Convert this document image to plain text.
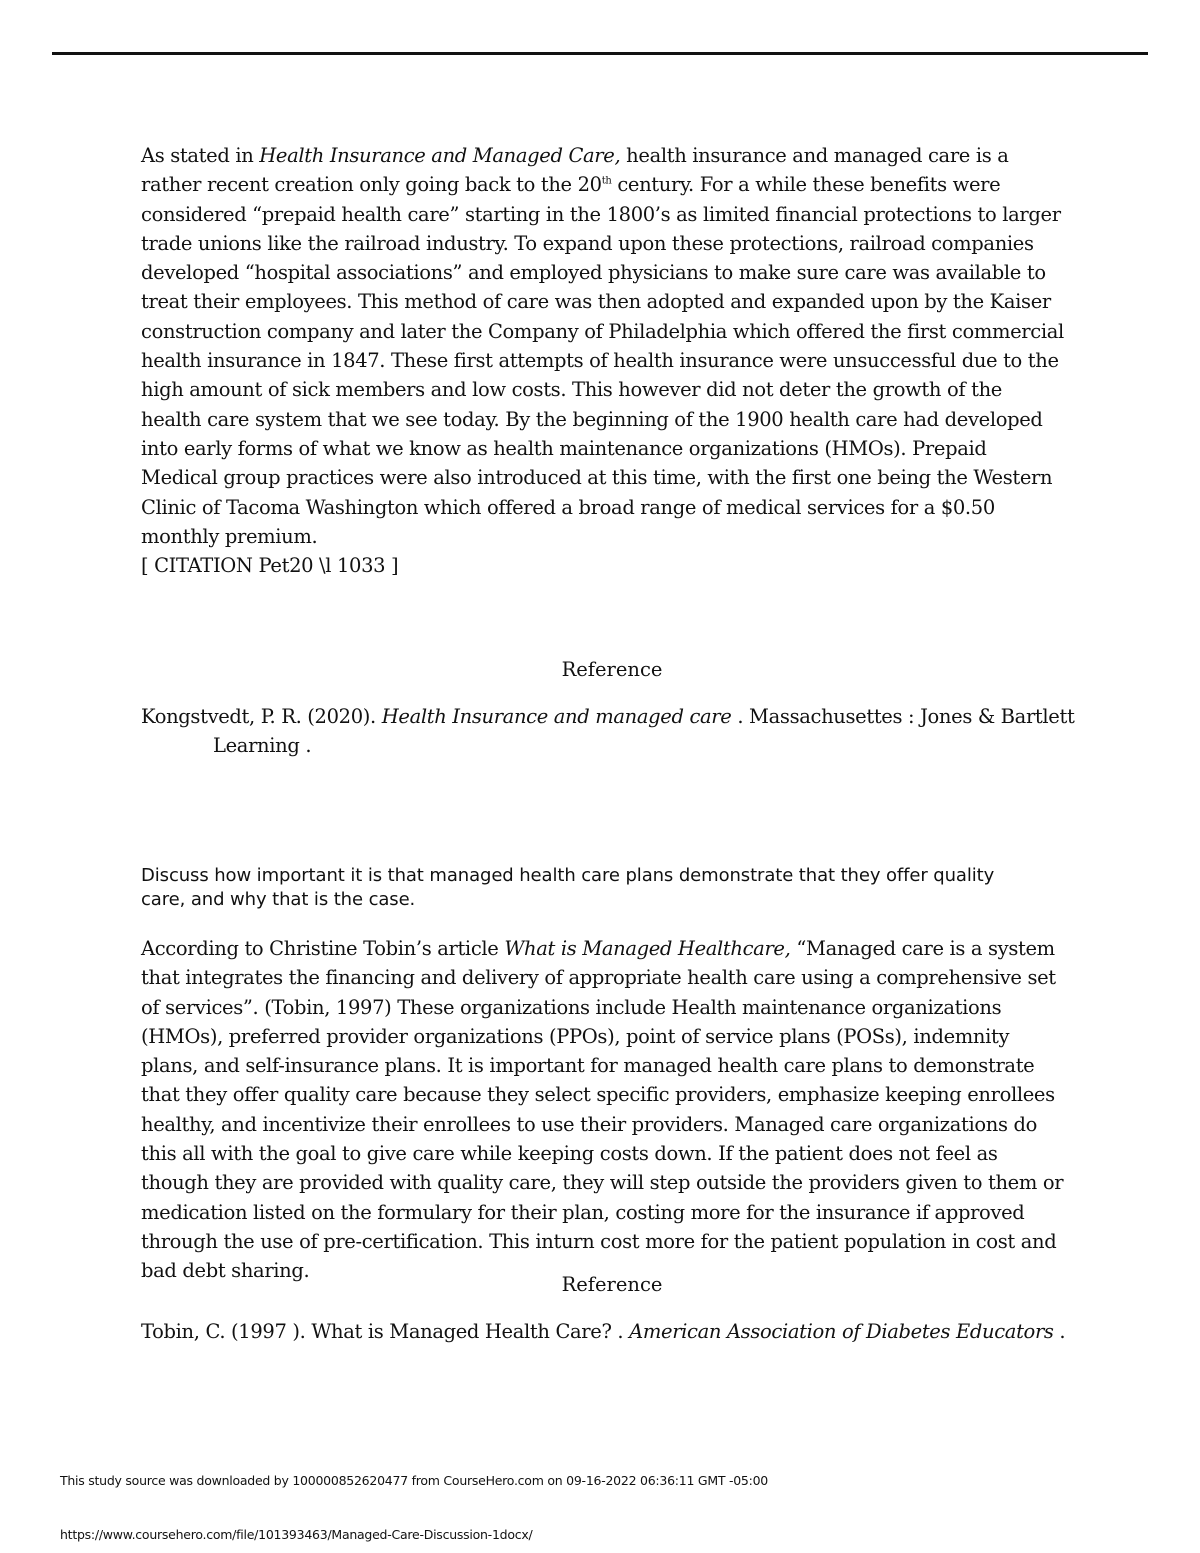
As stated in Health Insurance and Managed Care, health insurance and managed care is a rather recent creation only going back to the 20th century. For a while these benefits were considered “prepaid health care” starting in the 1800’s as limited financial protections to larger trade unions like the railroad industry. To expand upon these protections, railroad companies developed “hospital associations” and employed physicians to make sure care was available to treat their employees. This method of care was then adopted and expanded upon by the Kaiser construction company and later the Company of Philadelphia which offered the first commercial health insurance in 1847. These first attempts of health insurance were unsuccessful due to the high amount of sick members and low costs. This however did not deter the growth of the health care system that we see today. By the beginning of the 1900 health care had developed into early forms of what we know as health maintenance organizations (HMOs). Prepaid Medical group practices were also introduced at this time, with the first one being the Western Clinic of Tacoma Washington which offered a broad range of medical services for a $0.50 monthly premium.

[ CITATION Pet20 \l 1033 ]

Reference
Kongstvedt, P. R. (2020). Health Insurance and managed care . Massachusettes : Jones & Bartlett Learning .
Discuss how important it is that managed health care plans demonstrate that they offer quality care, and why that is the case.

According to Christine Tobin’s article What is Managed Healthcare, “Managed care is a system that integrates the financing and delivery of appropriate health care using a comprehensive set of services”. (Tobin, 1997) These organizations include Health maintenance organizations (HMOs), preferred provider organizations (PPOs), point of service plans (POSs), indemnity plans, and self-insurance plans. It is important for managed health care plans to demonstrate that they offer quality care because they select specific providers, emphasize keeping enrollees healthy, and incentivize their enrollees to use their providers. Managed care organizations do this all with the goal to give care while keeping costs down. If the patient does not feel as though they are provided with quality care, they will step outside the providers given to them or medication listed on the formulary for their plan, costing more for the insurance if approved through the use of pre-certification. This inturn cost more for the patient population in cost and bad debt sharing.

Reference
Tobin, C. (1997 ). What is Managed Health Care? . American Association of Diabetes Educators .
This study source was downloaded by 100000852620477 from CourseHero.com on 09-16-2022 06:36:11 GMT -05:00
https://www.coursehero.com/file/101393463/Managed-Care-Discussion-1docx/
